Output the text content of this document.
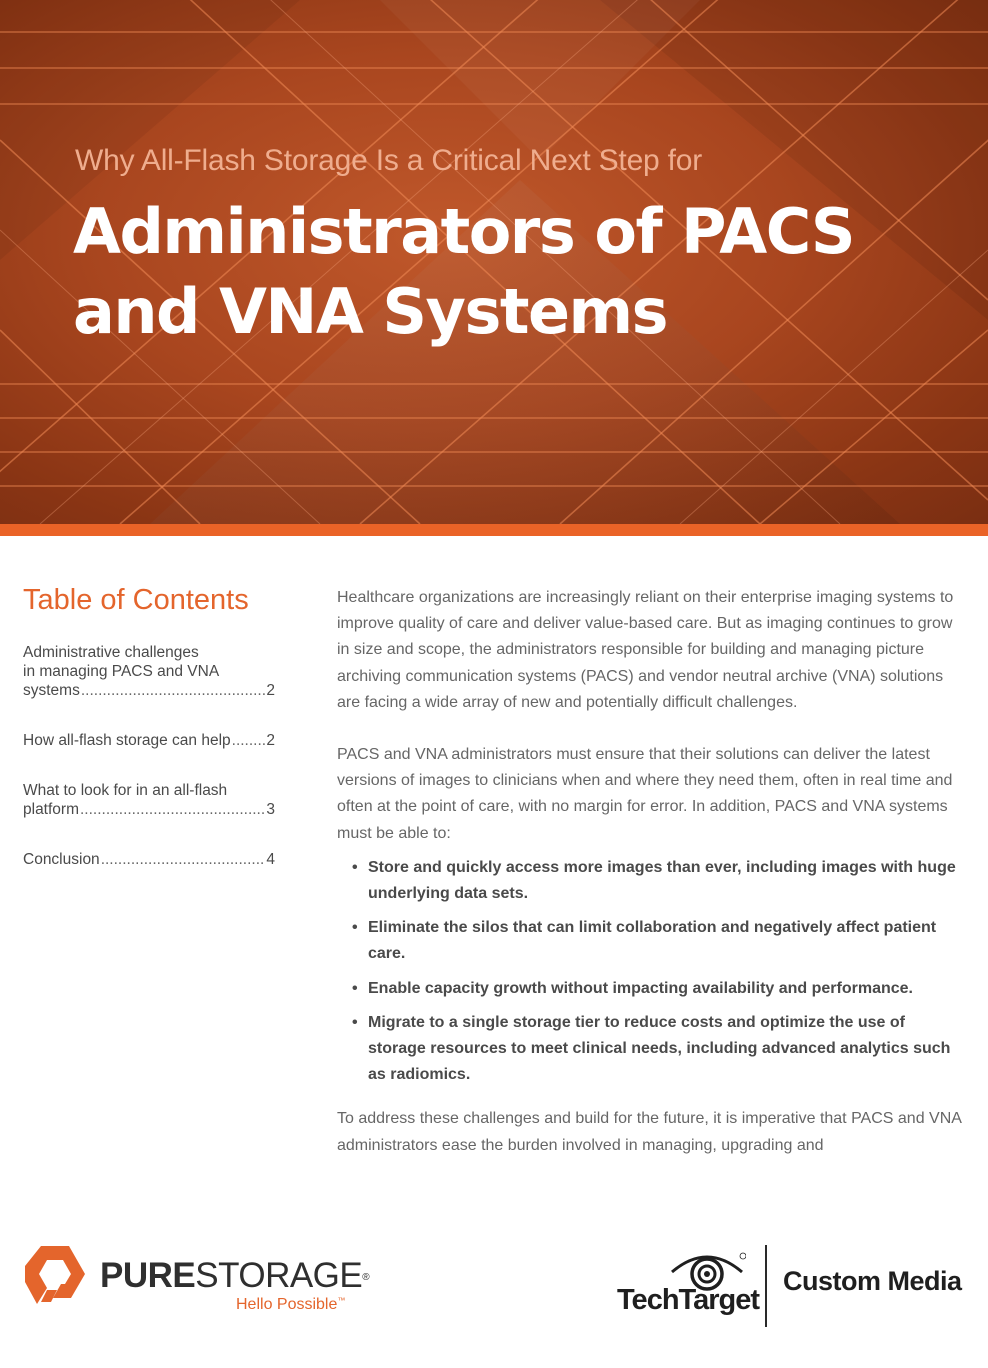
Why All-Flash Storage Is a Critical Next Step for
Administrators of PACS
and VNA Systems
Table of Contents
Administrative challenges
in managing PACS and VNA
systems .....	2
How all-flash storage can help ..... 2
What to look for in an all-flash
platform .....	3
Conclusion .....	4

Healthcare organizations are increasingly reliant on their enterprise imaging systems to improve quality of care and deliver value-based care. But as imaging continues to grow in size and scope, the administrators responsible for building and managing picture archiving communication systems (PACS) and vendor neutral archive (VNA) solutions are facing a wide array of new and potentially difficult challenges.

PACS and VNA administrators must ensure that their solutions can deliver the latest versions of images to clinicians when and where they need them, often in real time and often at the point of care, with no margin for error. In addition, PACS and VNA systems must be able to:

• Store and quickly access more images than ever, including images with huge underlying data sets.
• Eliminate the silos that can limit collaboration and negatively affect patient care.
• Enable capacity growth without impacting availability and performance.
• Migrate to a single storage tier to reduce costs and optimize the use of storage resources to meet clinical needs, including advanced analytics such as radiomics.

To address these challenges and build for the future, it is imperative that PACS and VNA administrators ease the burden involved in managing, upgrading and

PURESTORAGE®
Hello Possible™	TechTarget
Custom Media
